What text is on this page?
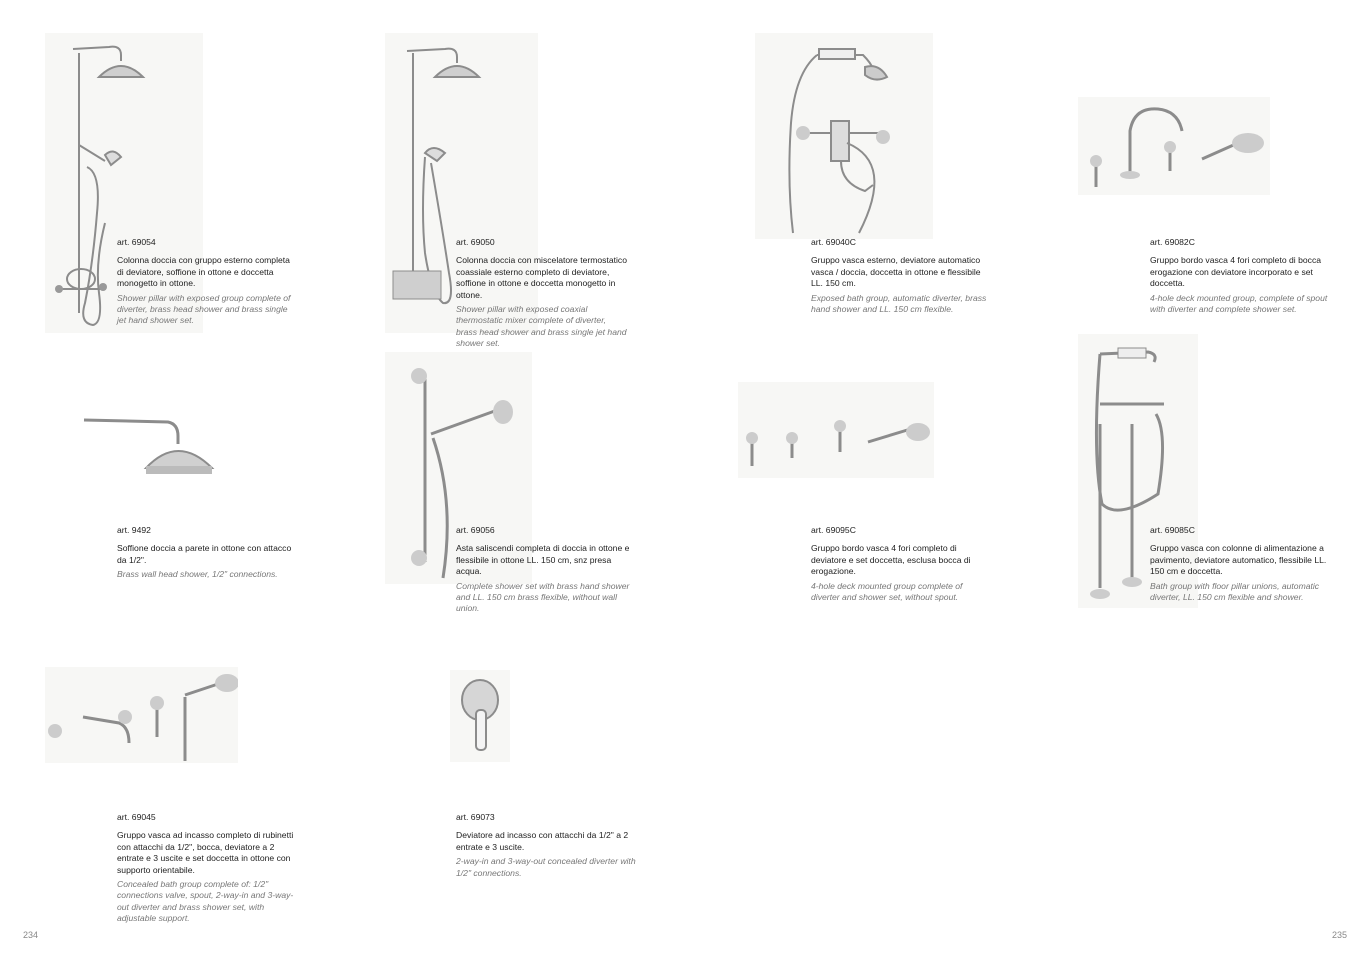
art. 69054
Colonna doccia con gruppo esterno completa di deviatore, soffione in ottone e doccetta monogetto in ottone.
Shower pillar with exposed group complete of diverter, brass head shower and brass single jet hand shower set.
art. 69050
Colonna doccia con miscelatore termostatico coassiale esterno completo di deviatore, soffione in ottone e doccetta monogetto in ottone.
Shower pillar with exposed coaxial thermostatic mixer complete of diverter, brass head shower and brass single jet hand shower set.
art. 69040C
Gruppo vasca esterno, deviatore automatico vasca / doccia, doccetta in ottone e flessibile LL. 150 cm.
Exposed bath group, automatic diverter, brass hand shower and LL. 150 cm flexible.
art. 69082C
Gruppo bordo vasca 4 fori completo di bocca erogazione con deviatore incorporato e set doccetta.
4-hole deck mounted group, complete of spout with diverter and complete shower set.
art. 9492
Soffione doccia a parete in ottone con attacco da 1/2".
Brass wall head shower, 1/2" connections.
art. 69056
Asta saliscendi completa di doccia in ottone e flessibile in ottone LL. 150 cm, snz presa acqua.
Complete shower set with brass hand shower and LL. 150 cm brass flexible, without wall union.
art. 69095C
Gruppo bordo vasca 4 fori completo di deviatore e set doccetta, esclusa bocca di erogazione.
4-hole deck mounted group complete of diverter and shower set, without spout.
art. 69085C
Gruppo vasca con colonne di alimentazione a pavimento, deviatore automatico, flessibile LL. 150 cm e doccetta.
Bath group with floor pillar unions, automatic diverter, LL. 150 cm flexible and shower.
art. 69045
Gruppo vasca ad incasso completo di rubinetti con attacchi da 1/2", bocca, deviatore a 2 entrate e 3 uscite e set doccetta in ottone con supporto orientabile.
Concealed bath group complete of: 1/2" connections valve, spout, 2-way-in and 3-way-out diverter and brass shower set, with adjustable support.
art. 69073
Deviatore ad incasso con attacchi da 1/2" a 2 entrate e 3 uscite.
2-way-in and 3-way-out concealed diverter with 1/2" connections.
234	235
